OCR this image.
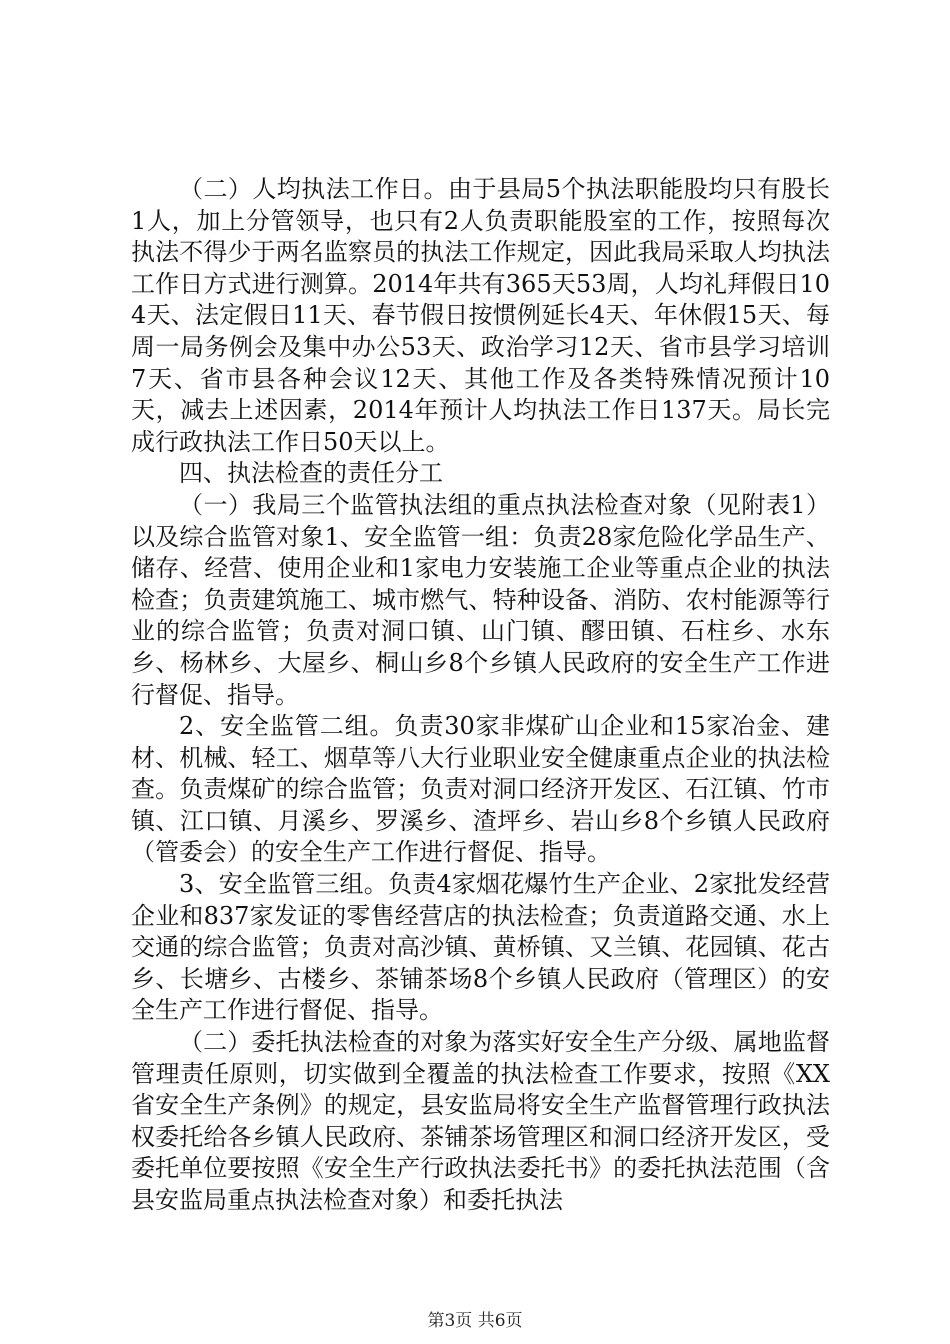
（二）人均执法工作日。由于县局5个执法职能股均只有股长1人，加上分管领导，也只有2人负责职能股室的工作，按照每次执法不得少于两名监察员的执法工作规定，因此我局采取人均执法工作日方式进行测算。2014年共有365天53周，人均礼拜假日104天、法定假日11天、春节假日按惯例延长4天、年休假15天、每周一局务例会及集中办公53天、政治学习12天、省市县学习培训7天、省市县各种会议12天、其他工作及各类特殊情况预计10天，减去上述因素，2014年预计人均执法工作日137天。局长完成行政执法工作日50天以上。

四、执法检查的责任分工

（一）我局三个监管执法组的重点执法检查对象（见附表1）以及综合监管对象1、安全监管一组：负责28家危险化学品生产、储存、经营、使用企业和1家电力安装施工企业等重点企业的执法检查；负责建筑施工、城市燃气、特种设备、消防、农村能源等行业的综合监管；负责对洞口镇、山门镇、醪田镇、石柱乡、水东乡、杨林乡、大屋乡、桐山乡8个乡镇人民政府的安全生产工作进行督促、指导。

2、安全监管二组。负责30家非煤矿山企业和15家冶金、建材、机械、轻工、烟草等八大行业职业安全健康重点企业的执法检查。负责煤矿的综合监管；负责对洞口经济开发区、石江镇、竹市镇、江口镇、月溪乡、罗溪乡、渣坪乡、岩山乡8个乡镇人民政府（管委会）的安全生产工作进行督促、指导。

3、安全监管三组。负责4家烟花爆竹生产企业、2家批发经营企业和837家发证的零售经营店的执法检查；负责道路交通、水上交通的综合监管；负责对高沙镇、黄桥镇、又兰镇、花园镇、花古乡、长塘乡、古楼乡、茶铺茶场8个乡镇人民政府（管理区）的安全生产工作进行督促、指导。

（二）委托执法检查的对象为落实好安全生产分级、属地监督管理责任原则，切实做到全覆盖的执法检查工作要求，按照《XX省安全生产条例》的规定，县安监局将安全生产监督管理行政执法权委托给各乡镇人民政府、茶铺茶场管理区和洞口经济开发区，受委托单位要按照《安全生产行政执法委托书》的委托执法范围（含县安监局重点执法检查对象）和委托执法

第3页 共6页
